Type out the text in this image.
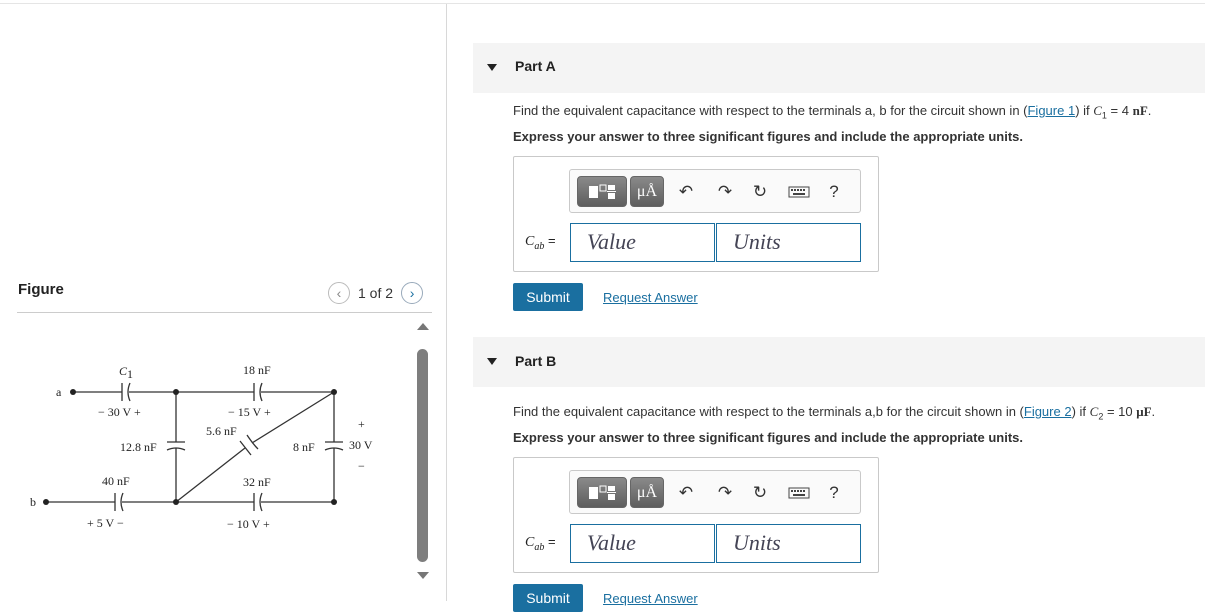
Figure	‹	1 of 2	›
a
b
C 1
− 30 V +
18 nF
− 15 V +
5.6 nF
12.8 nF	8 nF
+
30 V
−
40 nF
+ 5 V −
32 nF
− 10 V +
Part A
Find the equivalent capacitance with respect to the terminals a, b for the circuit shown in (Figure 1) if $C_1 = 4$ nF.
Express your answer to three significant figures and include the appropriate units.
μÅ	↶ ↷ ↻	?
$C_{ab}$ =	Value	Units
Submit	Request Answer
Part B
Find the equivalent capacitance with respect to the terminals a,b for the circuit shown in (Figure 2) if $C_2 = 10$ μF.
Express your answer to three significant figures and include the appropriate units.
μÅ	↶ ↷ ↻	?
$C_{ab}$ =	Value	Units
Submit	Request Answer
